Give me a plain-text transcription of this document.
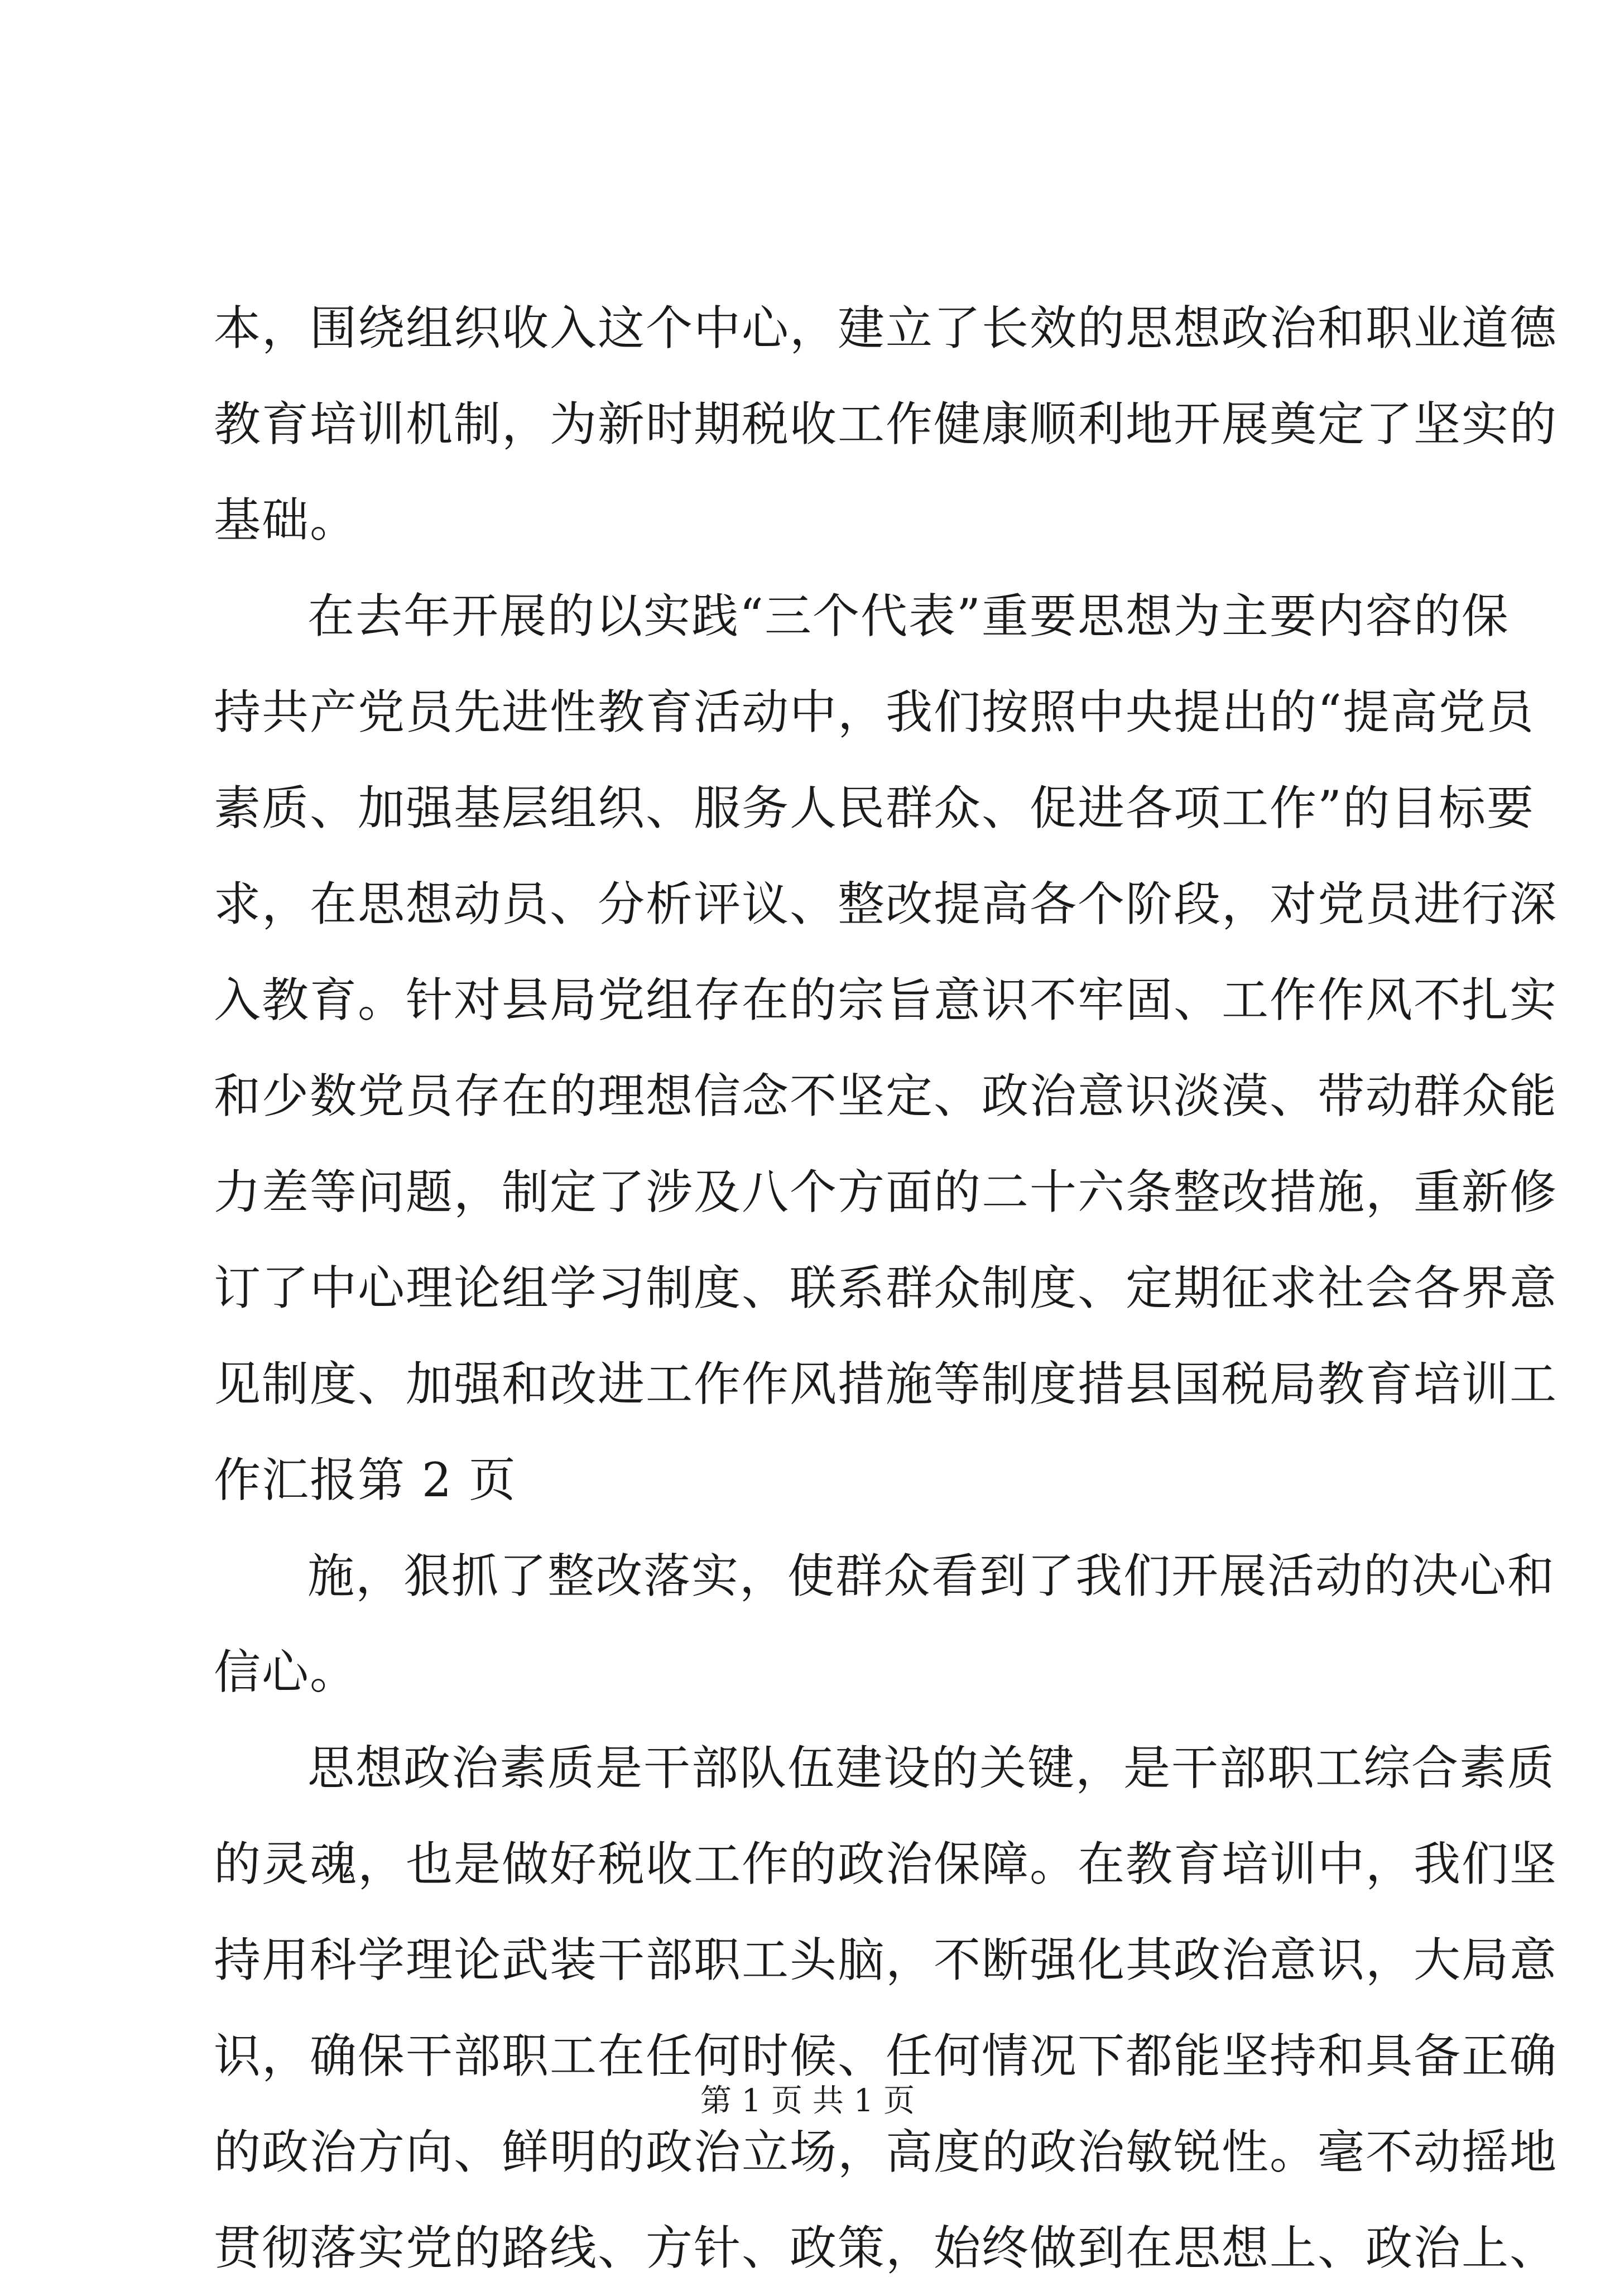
本，围绕组织收入这个中心，建立了长效的思想政治和职业道德
教育培训机制，为新时期税收工作健康顺利地开展奠定了坚实的
基础。
在去年开展的以实践“三个代表”重要思想为主要内容的保
持共产党员先进性教育活动中，我们按照中央提出的“提高党员
素质、加强基层组织、服务人民群众、促进各项工作”的目标要
求，在思想动员、分析评议、整改提高各个阶段，对党员进行深
入教育。针对县局党组存在的宗旨意识不牢固、工作作风不扎实
和少数党员存在的理想信念不坚定、政治意识淡漠、带动群众能
力差等问题，制定了涉及八个方面的二十六条整改措施，重新修
订了中心理论组学习制度、联系群众制度、定期征求社会各界意
见制度、加强和改进工作作风措施等制度措县国税局教育培训工
作汇报第 2 页
施，狠抓了整改落实，使群众看到了我们开展活动的决心和
信心。
思想政治素质是干部队伍建设的关键，是干部职工综合素质
的灵魂，也是做好税收工作的政治保障。在教育培训中，我们坚
持用科学理论武装干部职工头脑，不断强化其政治意识，大局意
识，确保干部职工在任何时候、任何情况下都能坚持和具备正确
的政治方向、鲜明的政治立场，高度的政治敏锐性。毫不动摇地
贯彻落实党的路线、方针、政策，始终做到在思想上、政治上、
第 1 页 共 1 页
